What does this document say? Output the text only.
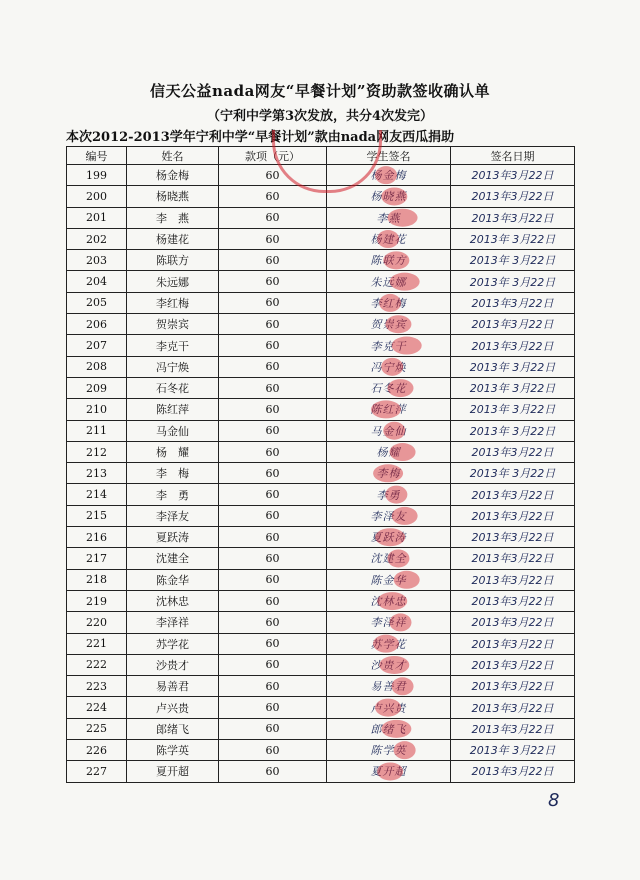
信天公益nada网友“早餐计划”资助款签收确认单
（宁利中学第3次发放，共分4次发完）
本次2012-2013学年宁利中学“早餐计划”款由nada网友西瓜捐助
编号	姓名	款项（元）	学生签名	签名日期
199	杨金梅	60	杨金梅	2013年3月22日
200	杨晓燕	60	杨晓燕	2013年3月22日
201	李　燕	60	李燕	2013年3月22日
202	杨建花	60	杨建花	2013年 3月22日
203	陈联方	60	陈联方	2013年 3月22日
204	朱远娜	60	朱远娜	2013年 3月22日
205	李红梅	60	李红梅	2013年3月22日
206	贺崇宾	60	贺崇宾	2013年3月22日
207	李克干	60	李克干	2013年3月22日
208	冯宁焕	60	冯宁焕	2013年 3月22日
209	石冬花	60	石冬花	2013年 3月22日
210	陈红萍	60	陈红萍	2013年 3月22日
211	马金仙	60	马金仙	2013年 3月22日
212	杨　耀	60	杨耀	2013年3月22日
213	李　梅	60	李梅	2013年 3月22日
214	李　勇	60	李勇	2013年3月22日
215	李泽友	60	李泽友	2013年3月22日
216	夏跃涛	60	夏跃涛	2013年3月22日
217	沈建全	60	沈建全	2013年3月22日
218	陈金华	60	陈金华	2013年3月22日
219	沈林忠	60	沈林忠	2013年3月22日
220	李泽祥	60	李泽祥	2013年3月22日
221	苏学花	60	苏学花	2013年3月22日
222	沙贵才	60	沙贵才	2013年3月22日
223	易善君	60	易善君	2013年3月22日
224	卢兴贵	60	卢兴贵	2013年3月22日
225	郎绪飞	60	郎绪飞	2013年3月22日
226	陈学英	60	陈学英	2013年 3月22日
227	夏开超	60	夏开超	2013年3月22日
8
